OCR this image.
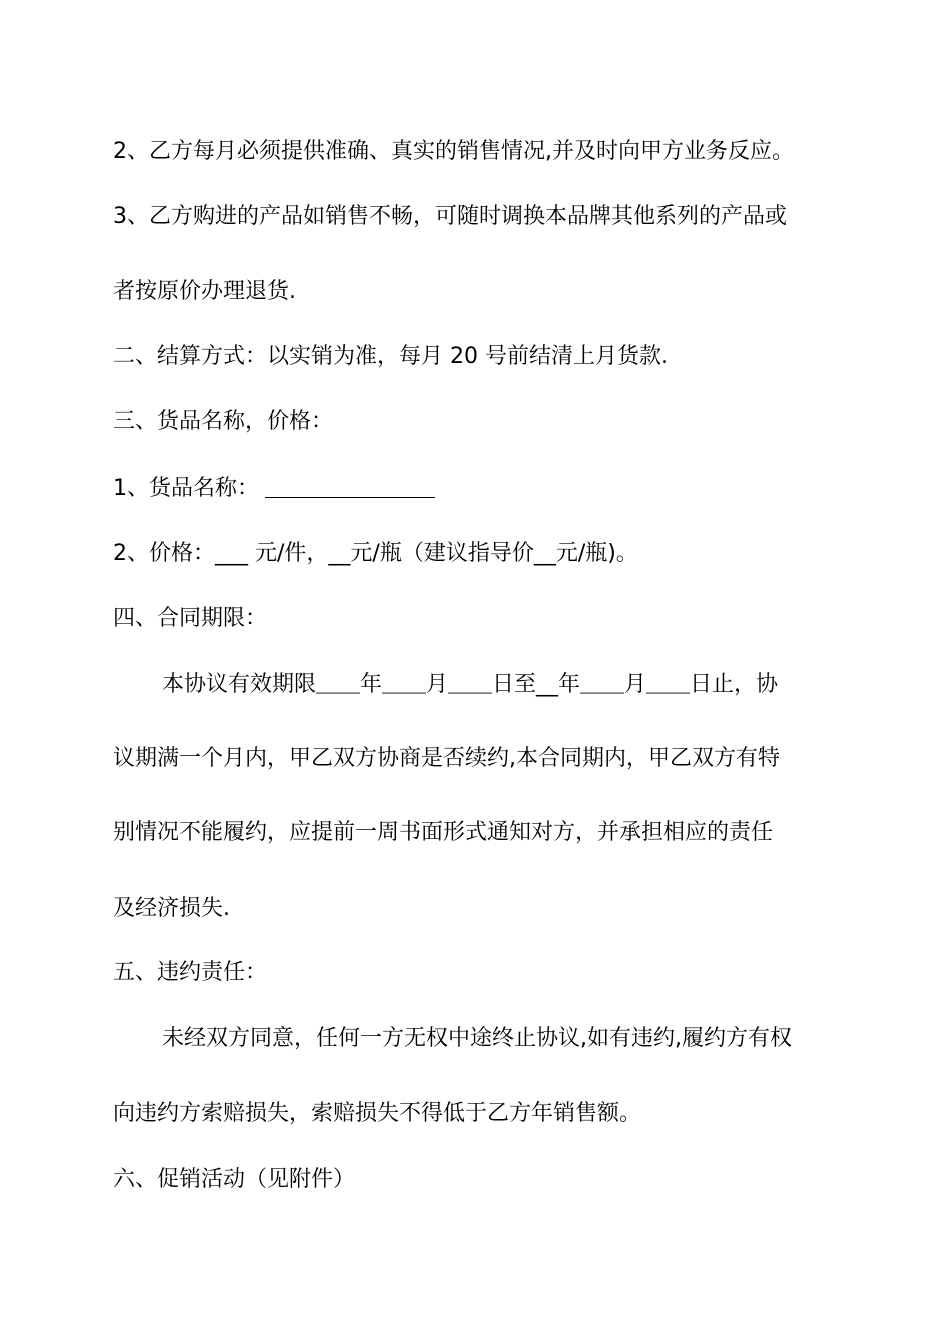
2、乙方每月必须提供准确、真实的销售情况,并及时向甲方业务反应。
3、乙方购进的产品如销售不畅，可随时调换本品牌其他系列的产品或
者按原价办理退货.
二、结算方式：以实销为准，每月 20 号前结清上月货款.
三、货品名称，价格：
1、货品名称：
2、价格：___ 元/件，__元/瓶（建议指导价__元/瓶)。
四、合同期限：
本协议有效期限＿＿年＿＿月＿＿日至__年＿＿月＿＿日止，协
议期满一个月内，甲乙双方协商是否续约,本合同期内，甲乙双方有特
别情况不能履约，应提前一周书面形式通知对方，并承担相应的责任
及经济损失.
五、违约责任：
未经双方同意，任何一方无权中途终止协议,如有违约,履约方有权
向违约方索赔损失，索赔损失不得低于乙方年销售额。
六、促销活动（见附件）
